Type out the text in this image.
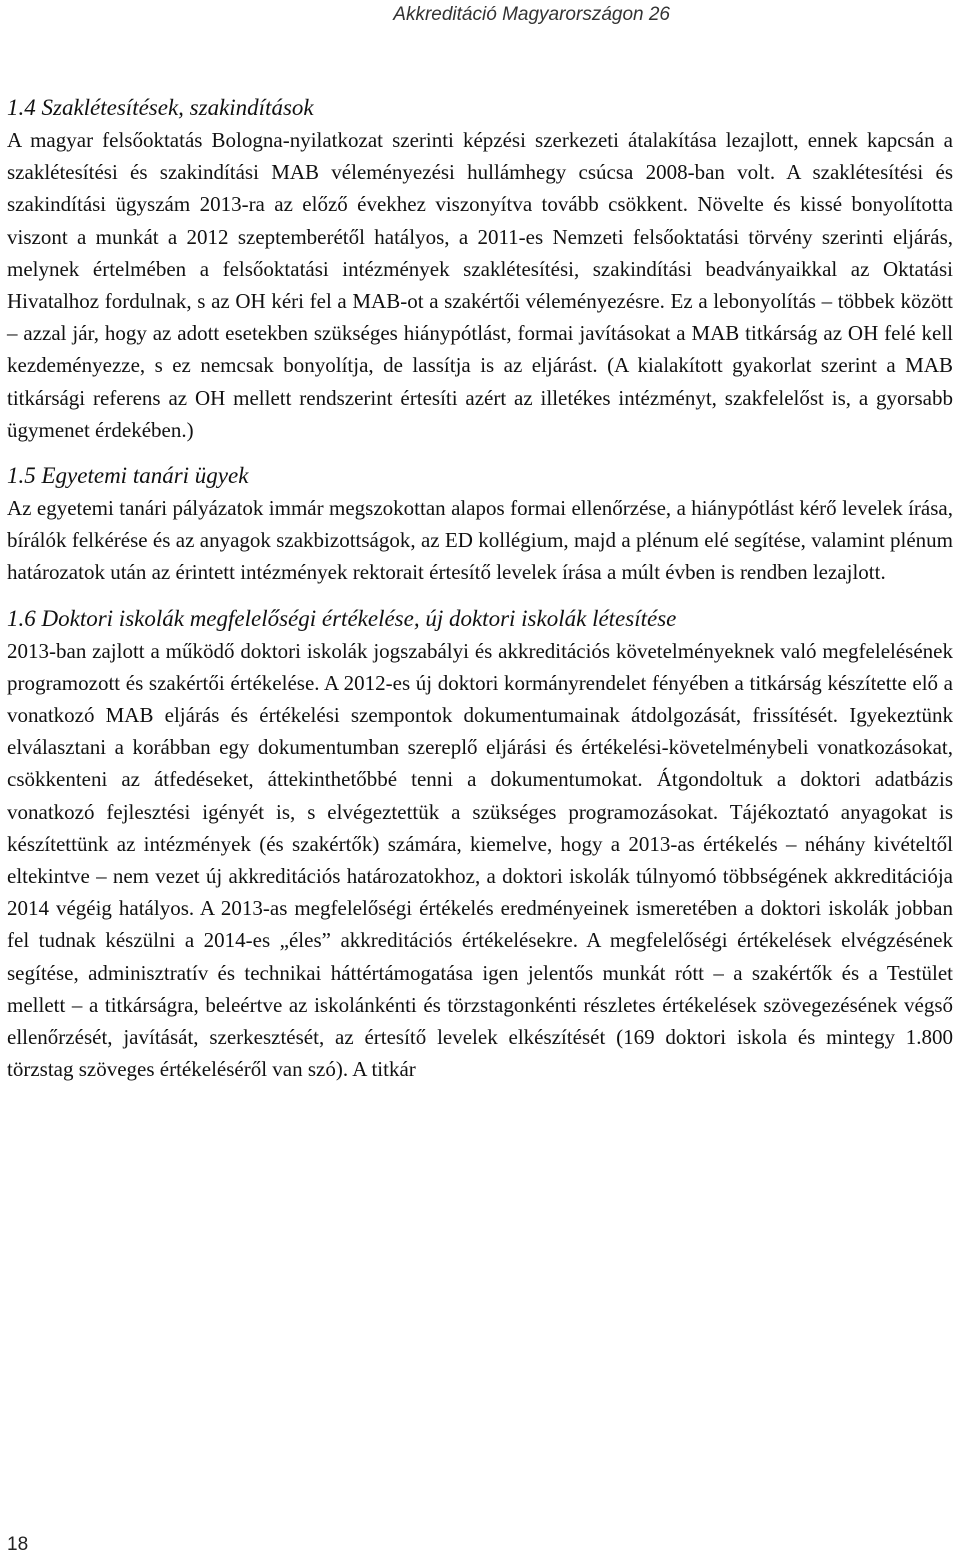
Akkreditáció Magyarországon 26
1.4 Szaklétesítések, szakindítások

A magyar felsőoktatás Bologna-nyilatkozat szerinti képzési szerkezeti átalakítása lezajlott, ennek kapcsán a szaklétesítési és szakindítási MAB véleményezési hullámhegy csúcsa 2008-ban volt. A szaklétesítési és szakindítási ügyszám 2013-ra az előző évekhez viszonyítva tovább csökkent. Növelte és kissé bonyolította viszont a munkát a 2012 szeptemberétől hatályos, a 2011-es Nemzeti felsőoktatási törvény szerinti eljárás, melynek értelmében a felsőoktatási intézmények szaklétesítési, szakindítási beadványaikkal az Oktatási Hivatalhoz fordulnak, s az OH kéri fel a MAB-ot a szakértői véleményezésre. Ez a lebonyolítás – többek között – azzal jár, hogy az adott esetekben szükséges hiánypótlást, formai javításokat a MAB titkárság az OH felé kell kezdeményezze, s ez nemcsak bonyolítja, de lassítja is az eljárást. (A kialakított gyakorlat szerint a MAB titkársági referens az OH mellett rendszerint értesíti azért az illetékes intézményt, szakfelelőst is, a gyorsabb ügymenet érdekében.)

1.5 Egyetemi tanári ügyek

Az egyetemi tanári pályázatok immár megszokottan alapos formai ellenőrzése, a hiánypótlást kérő levelek írása, bírálók felkérése és az anyagok szakbizottságok, az ED kollégium, majd a plénum elé segítése, valamint plénum határozatok után az érintett intézmények rektorait értesítő levelek írása a múlt évben is rendben lezajlott.

1.6 Doktori iskolák megfelelőségi értékelése, új doktori iskolák létesítése

2013-ban zajlott a működő doktori iskolák jogszabályi és akkreditációs követelményeknek való megfelelésének programozott és szakértői értékelése. A 2012-es új doktori kormányrendelet fényében a titkárság készítette elő a vonatkozó MAB eljárás és értékelési szempontok dokumentumainak átdolgozását, frissítését. Igyekeztünk elválasztani a korábban egy dokumentumban szereplő eljárási és értékelési-követelménybeli vonatkozásokat, csökkenteni az átfedéseket, áttekinthetőbbé tenni a dokumentumokat. Átgondoltuk a doktori adatbázis vonatkozó fejlesztési igényét is, s elvégeztettük a szükséges programozásokat. Tájékoztató anyagokat is készítettünk az intézmények (és szakértők) számára, kiemelve, hogy a 2013-as értékelés – néhány kivételtől eltekintve – nem vezet új akkreditációs határozatokhoz, a doktori iskolák túlnyomó többségének akkreditációja 2014 végéig hatályos. A 2013-as megfelelőségi értékelés eredményeinek ismeretében a doktori iskolák jobban fel tudnak készülni a 2014-es „éles” akkreditációs értékelésekre. A megfelelőségi értékelések elvégzésének segítése, adminisztratív és technikai háttértámogatása igen jelentős munkát rótt – a szakértők és a Testület mellett – a titkárságra, beleértve az iskolánkénti és törzstagonkénti részletes értékelések szövegezésének végső ellenőrzését, javítását, szerkesztését, az értesítő levelek elkészítését (169 doktori iskola és mintegy 1.800 törzstag szöveges értékeléséről van szó). A titkár

18
